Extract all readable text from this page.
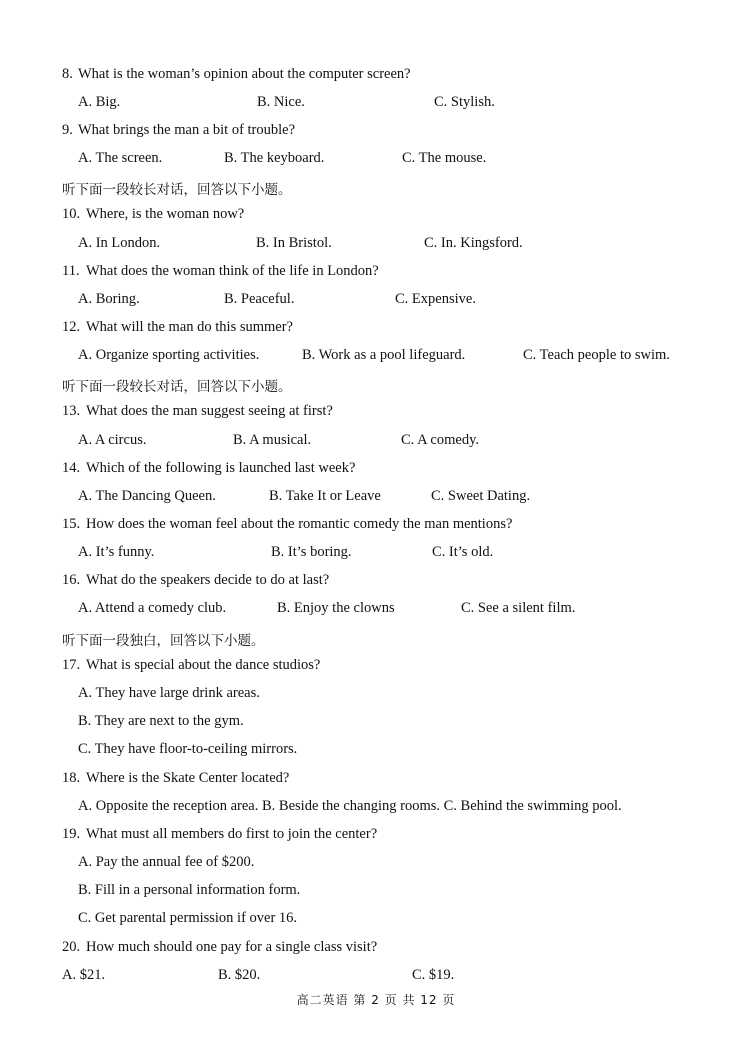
8. What is the woman’s opinion about the computer screen?
A. Big.	B. Nice.	C. Stylish.
9. What brings the man a bit of trouble?
A. The screen.	B. The keyboard.	C. The mouse.
听下面一段较长对话，回答以下小题。
10. Where, is the woman now?
A. In London.	B. In Bristol.	C. In. Kingsford.
11. What does the woman think of the life in London?
A. Boring.	B. Peaceful.	C. Expensive.
12. What will the man do this summer?
A. Organize sporting activities.	B. Work as a pool lifeguard.	C. Teach people to swim.
听下面一段较长对话，回答以下小题。
13. What does the man suggest seeing at first?
A. A circus.	B. A musical.	C. A comedy.
14. Which of the following is launched last week?
A. The Dancing Queen.	B. Take It or Leave	C. Sweet Dating.
15. How does the woman feel about the romantic comedy the man mentions?
A. It’s funny.	B. It’s boring.	C. It’s old.
16. What do the speakers decide to do at last?
A. Attend a comedy club.	B. Enjoy the clowns	C. See a silent film.
听下面一段独白，回答以下小题。
17. What is special about the dance studios?
A. They have large drink areas.
B. They are next to the gym.
C. They have floor-to-ceiling mirrors.
18. Where is the Skate Center located?
A. Opposite the reception area. B. Beside the changing rooms. C. Behind the swimming pool.
19. What must all members do first to join the center?
A. Pay the annual fee of $200.
B. Fill in a personal information form.
C. Get parental permission if over 16.
20. How much should one pay for a single class visit?
A. $21.	B. $20.	C. $19.
高二英语 第 2 页 共 12 页
